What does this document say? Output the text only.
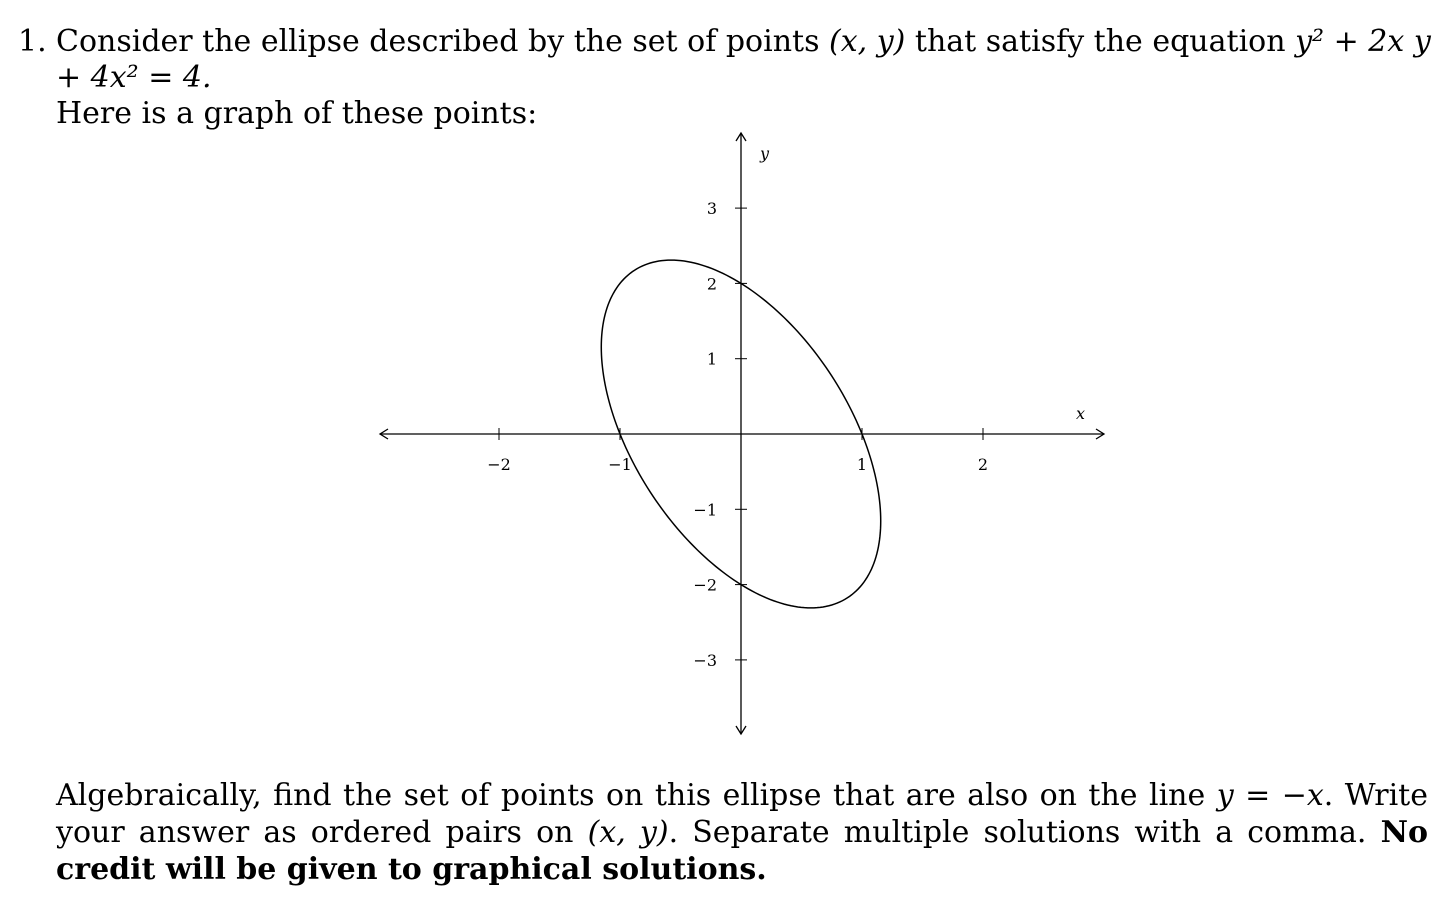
1. Consider the ellipse described by the set of points (x, y) that satisfy the equation y² + 2x y + 4x² = 4.
Here is a graph of these points:
−2	−1	1	2
−3
−2
−1
1
2
3
x
y
Algebraically, find the set of points on this ellipse that are also on the line y = −x. Write your answer as ordered pairs on (x, y). Separate multiple solutions with a comma. No credit will be given to graphical solutions.
